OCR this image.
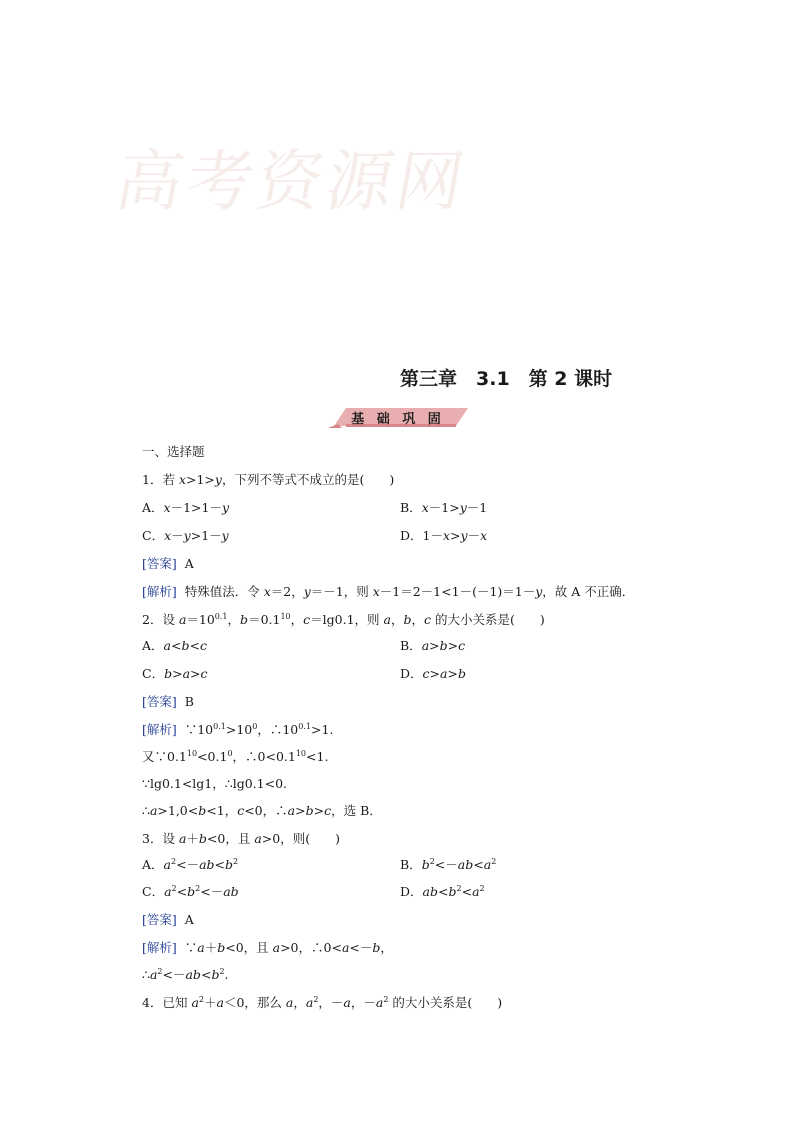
高考资源网
第三章　3.1　第 2 课时
基 础 巩 固
一、选择题
1．若 x>1>y，下列不等式不成立的是(　　)
A．x－1>1－y	B．x－1>y－1
C．x－y>1－y	D．1－x>y－x
[答案] A
[解析] 特殊值法．令 x＝2，y＝－1，则 x－1＝2－1<1－(－1)＝1－y，故 A 不正确．
2．设 $a=10^{0.1}$，$b=0.1^{10}$，c＝lg0.1，则 a，b，c 的大小关系是(　　)
A．a<b<c	B．a>b>c
C．b>a>c	D．c>a>b
[答案] B
[解析] $\because 10^{0.1}>10^0$，$\therefore 10^{0.1}>1$.
又$\because 0.1^{10}<0.1^0$，$\therefore 0<0.1^{10}<1$.
∵lg0.1<lg1，∴lg0.1<0.
∴a>1,0<b<1，c<0，∴a>b>c，选 B．
3．设 a＋b<0，且 a>0，则(　　)
A．$a^2<-ab<b^2$	B．$b^2<-ab<a^2$
C．$a^2<b^2<-ab$	D．$ab<b^2<a^2$
[答案] A
[解析] ∵a＋b<0，且 a>0，∴0<a<－b，
$\therefore a^2<-ab<b^2$.
4．已知 $a^2+a<0$，那么 a，$a^2$，－a，$-a^2$ 的大小关系是(　　)
